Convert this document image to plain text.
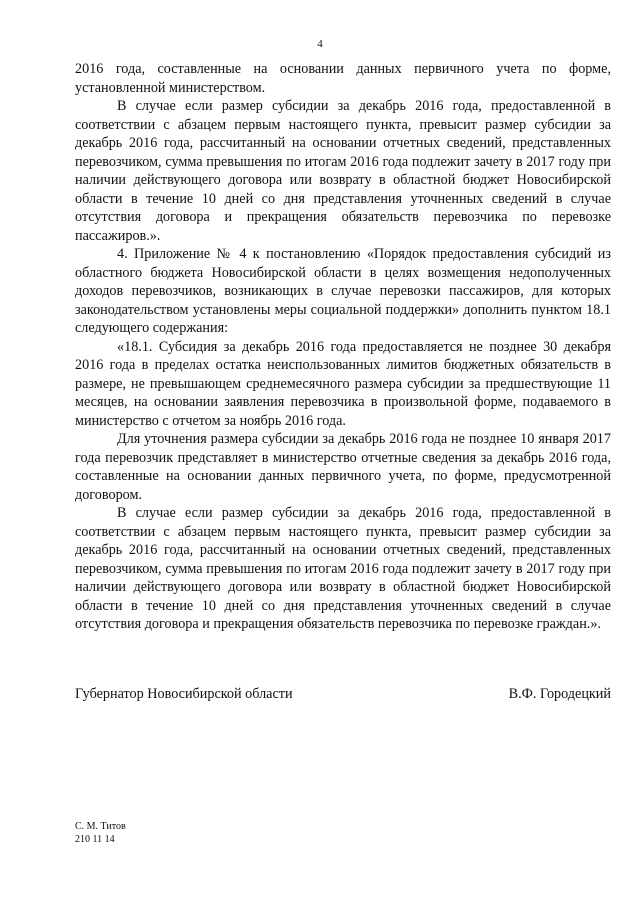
4

2016 года, составленные на основании данных первичного учета по форме, установленной министерством.

В случае если размер субсидии за декабрь 2016 года, предоставленной в соответствии с абзацем первым настоящего пункта, превысит размер субсидии за декабрь 2016 года, рассчитанный на основании отчетных сведений, представленных перевозчиком, сумма превышения по итогам 2016 года подлежит зачету в 2017 году при наличии действующего договора или возврату в областной бюджет Новосибирской области в течение 10 дней со дня представления уточненных сведений в случае отсутствия договора и прекращения обязательств перевозчика по перевозке пассажиров.».

4. Приложение № 4 к постановлению «Порядок предоставления субсидий из областного бюджета Новосибирской области в целях возмещения недополученных доходов перевозчиков, возникающих в случае перевозки пассажиров, для которых законодательством установлены меры социальной поддержки» дополнить пунктом 18.1 следующего содержания:

«18.1. Субсидия за декабрь 2016 года предоставляется не позднее 30 декабря 2016 года в пределах остатка неиспользованных лимитов бюджетных обязательств в размере, не превышающем среднемесячного размера субсидии за предшествующие 11 месяцев, на основании заявления перевозчика в произвольной форме, подаваемого в министерство с отчетом за ноябрь 2016 года.

Для уточнения размера субсидии за декабрь 2016 года не позднее 10 января 2017 года перевозчик представляет в министерство отчетные сведения за декабрь 2016 года, составленные на основании данных первичного учета, по форме, предусмотренной договором.

В случае если размер субсидии за декабрь 2016 года, предоставленной в соответствии с абзацем первым настоящего пункта, превысит размер субсидии за декабрь 2016 года, рассчитанный на основании отчетных сведений, представленных перевозчиком, сумма превышения по итогам 2016 года подлежит зачету в 2017 году при наличии действующего договора или возврату в областной бюджет Новосибирской области в течение 10 дней со дня представления уточненных сведений в случае отсутствия договора и прекращения обязательств перевозчика по перевозке граждан.».

Губернатор Новосибирской области	В.Ф. Городецкий
С. М. Титов
210 11 14
